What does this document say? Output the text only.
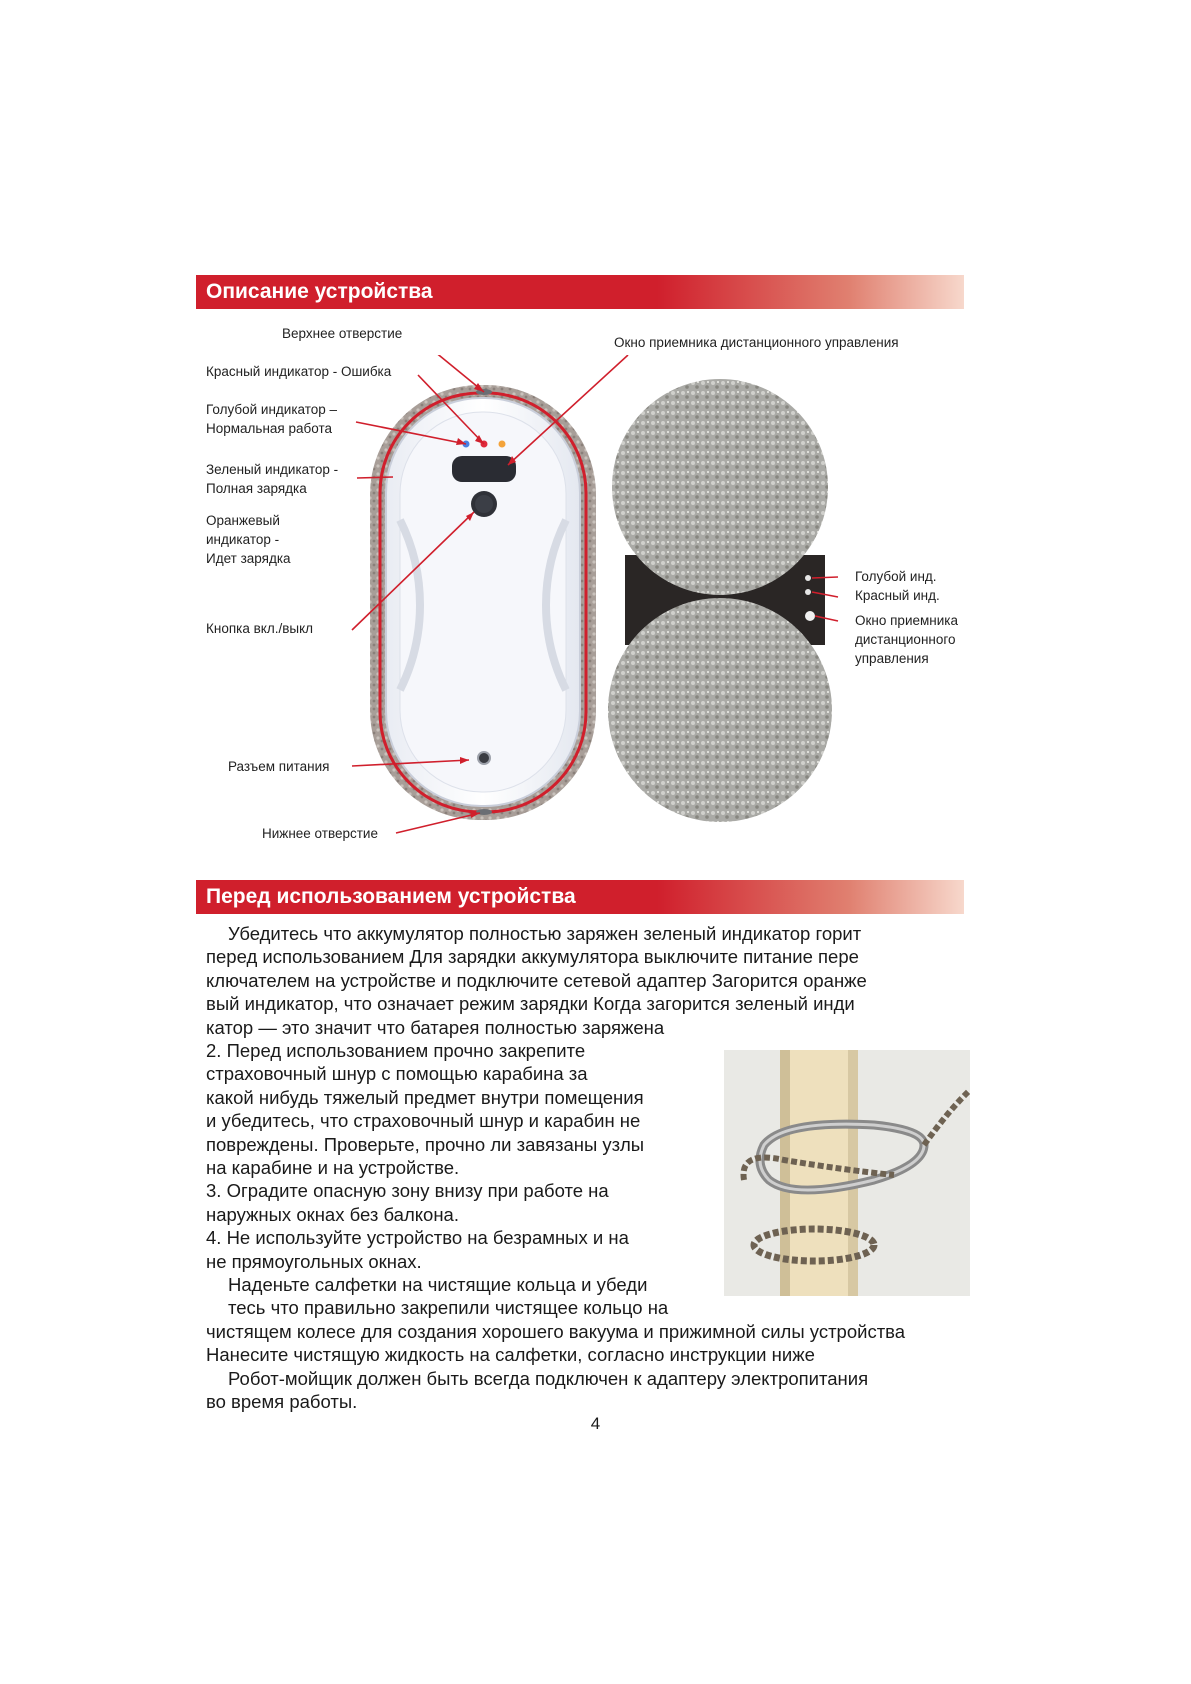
Описание устройства
Верхнее отверстие
Красный индикатор - Ошибка
Голубой индикатор –
Нормальная работа
Зеленый индикатор -
Полная зарядка
Оранжевый
индикатор -
Идет зарядка
Кнопка вкл./выкл
Разъем питания
Нижнее отверстие
Окно приемника дистанционного управления
Голубой инд.
Красный инд.
Окно приемника
дистанционного
управления
Перед использованием устройства
Убедитесь что аккумулятор полностью заряжен зеленый индикатор горит
перед использованием Для зарядки аккумулятора выключите питание пере
ключателем на устройстве и подключите сетевой адаптер Загорится оранже
вый индикатор, что означает режим зарядки Когда загорится зеленый инди
катор — это значит что батарея полностью заряжена
2. Перед использованием прочно закрепите
страховочный шнур с помощью карабина за
какой нибудь тяжелый предмет внутри помещения
и убедитесь, что страховочный шнур и карабин не
повреждены. Проверьте, прочно ли завязаны узлы
на карабине и на устройстве.
3. Оградите опасную зону внизу при работе на
наружных окнах без балкона.
4. Не используйте устройство на безрамных и на
не прямоугольных окнах.
Наденьте салфетки на чистящие кольца и убеди
тесь что правильно закрепили чистящее кольцо на
чистящем колесе для создания хорошего вакуума и прижимной силы устройства
Нанесите чистящую жидкость на салфетки, согласно инструкции ниже
Робот-мойщик должен быть всегда подключен к адаптеру электропитания
во время работы.
4
